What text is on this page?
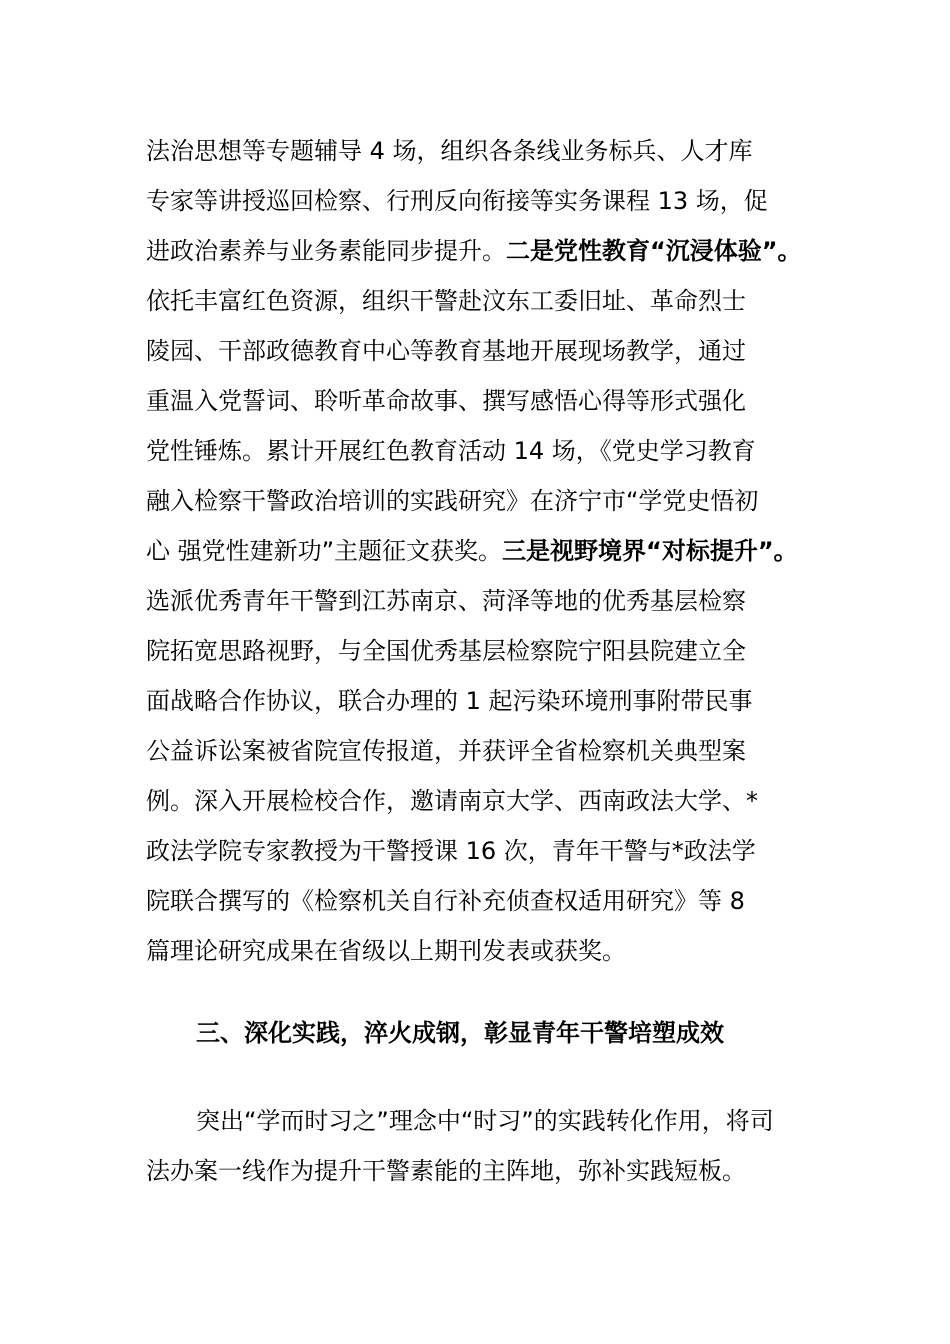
法治思想等专题辅导 4 场，组织各条线业务标兵、人才库
专家等讲授巡回检察、行刑反向衔接等实务课程 13 场，促
进政治素养与业务素能同步提升。二是党性教育“沉浸体验”。
依托丰富红色资源，组织干警赴汶东工委旧址、革命烈士
陵园、干部政德教育中心等教育基地开展现场教学，通过
重温入党誓词、聆听革命故事、撰写感悟心得等形式强化
党性锤炼。累计开展红色教育活动 14 场，《党史学习教育
融入检察干警政治培训的实践研究》在济宁市“学党史悟初
心 强党性建新功”主题征文获奖。三是视野境界“对标提升”。
选派优秀青年干警到江苏南京、菏泽等地的优秀基层检察
院拓宽思路视野，与全国优秀基层检察院宁阳县院建立全
面战略合作协议，联合办理的 1 起污染环境刑事附带民事
公益诉讼案被省院宣传报道，并获评全省检察机关典型案
例。深入开展检校合作，邀请南京大学、西南政法大学、*
政法学院专家教授为干警授课 16 次，青年干警与*政法学
院联合撰写的《检察机关自行补充侦查权适用研究》等 8
篇理论研究成果在省级以上期刊发表或获奖。
三、深化实践，淬火成钢，彰显青年干警培塑成效
突出“学而时习之”理念中“时习”的实践转化作用，将司
法办案一线作为提升干警素能的主阵地，弥补实践短板。
